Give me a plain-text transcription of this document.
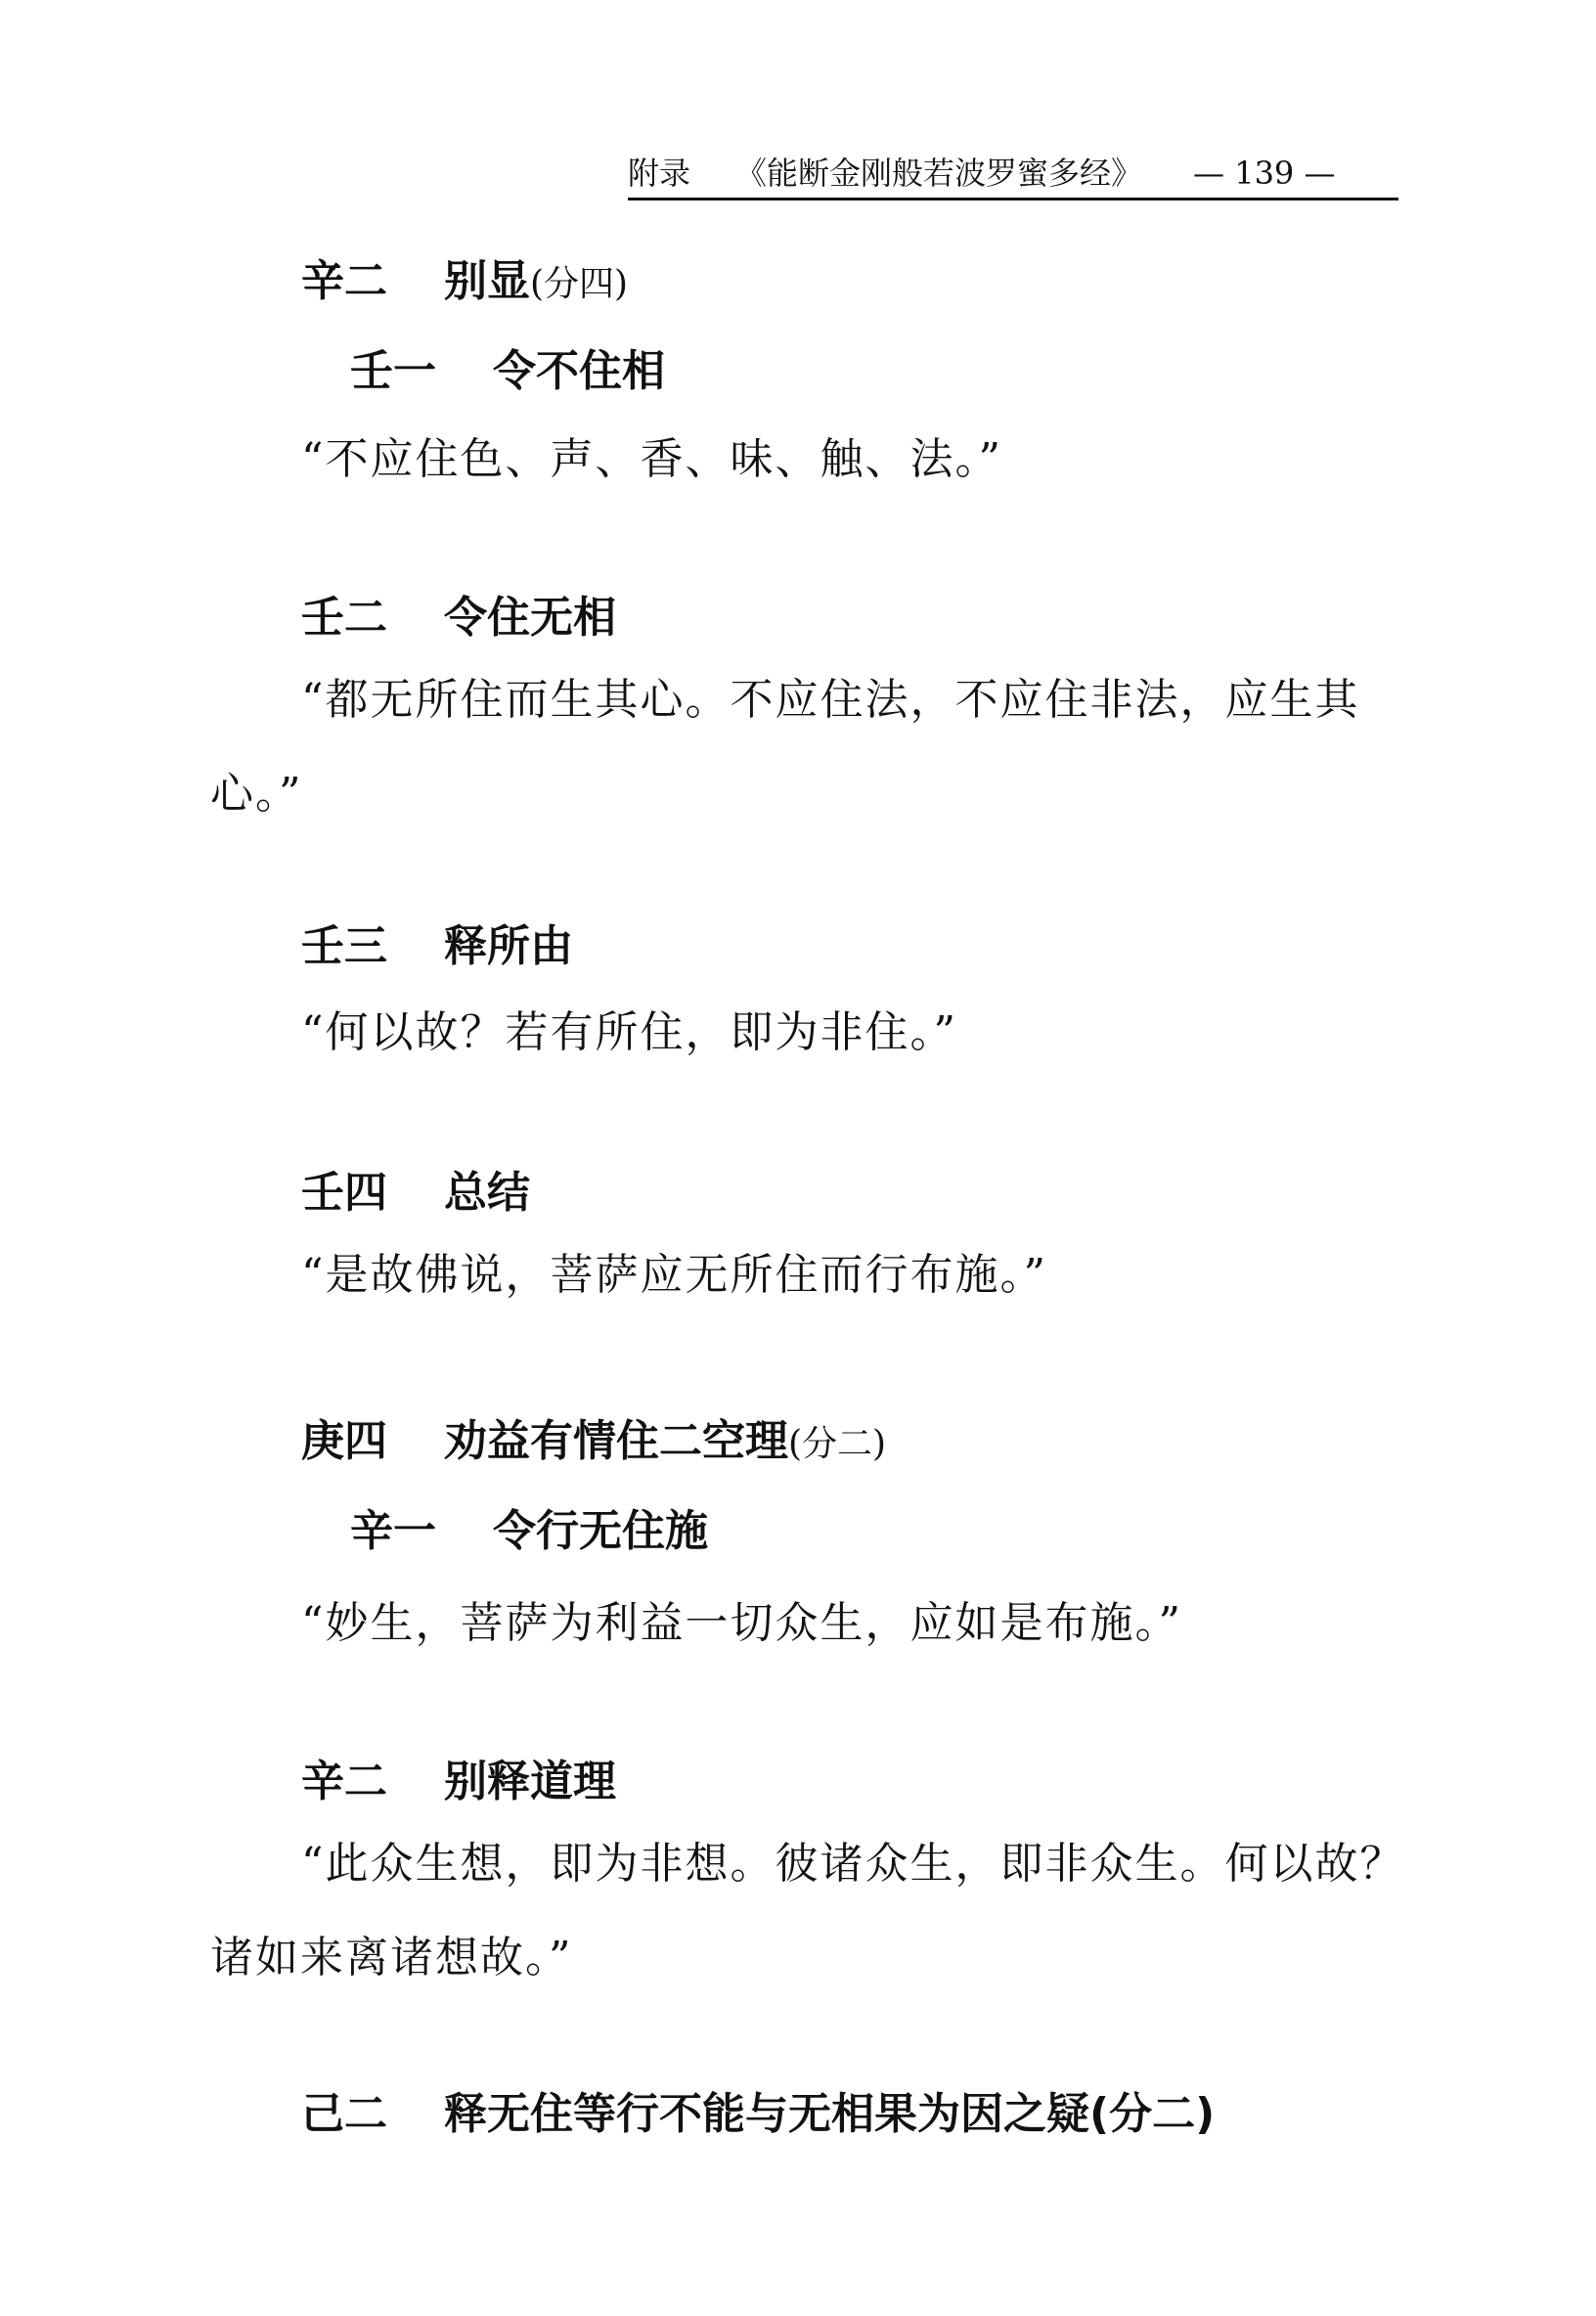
附录 《能断金刚般若波罗蜜多经》 — 139 —
辛二 别显(分四)
壬一 令不住相
“不应住色、声、香、味、触、法。”
壬二 令住无相
“都无所住而生其心。不应住法，不应住非法，应生其心。”
壬三 释所由
“何以故？若有所住，即为非住。”
壬四 总结
“是故佛说，菩萨应无所住而行布施。”
庚四 劝益有情住二空理(分二)
辛一 令行无住施
“妙生，菩萨为利益一切众生，应如是布施。”
辛二 别释道理
“此众生想，即为非想。彼诸众生，即非众生。何以故？诸如来离诸想故。”
己二 释无住等行不能与无相果为因之疑(分二)
